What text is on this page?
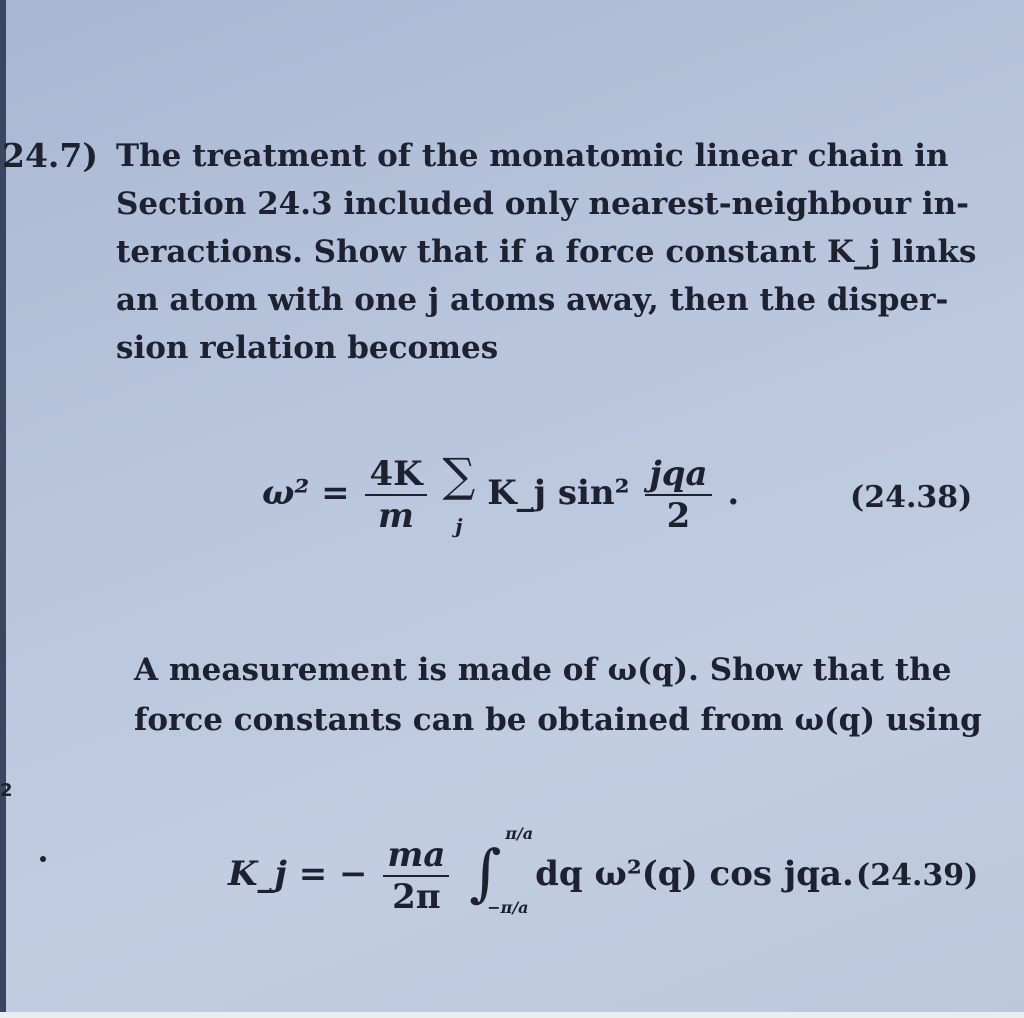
24.7) The treatment of the monatomic linear chain in
Section 24.3 included only nearest-neighbour in-
teractions. Show that if a force constant K_j links
an atom with one j atoms away, then the disper-
sion relation becomes
$\omega^2 = \frac{4K}{m}$ ∑
j K_j $\sin^2 \frac{\text{jqa}}{2}$ .	(24.38)
A measurement is made of ω(q). Show that the
force constants can be obtained from ω(q) using
2
K_j = − $\frac{ma}{2\pi}$
∫
π/a
−π/a
dq ω²(q) cos jqa. (24.39)
